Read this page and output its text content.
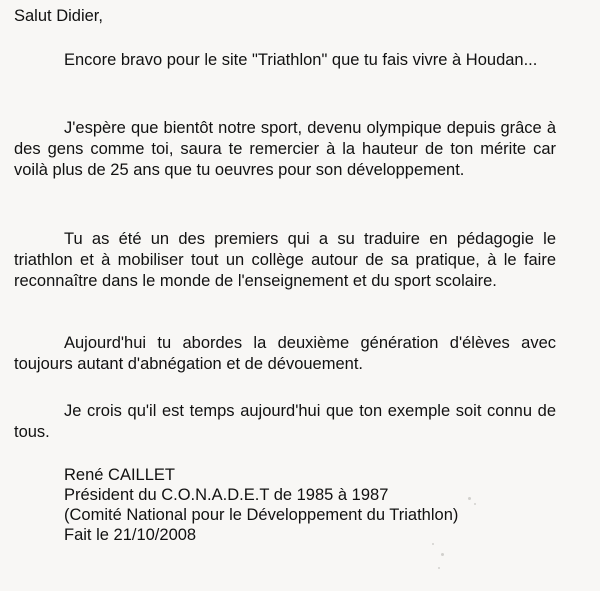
Salut Didier,

Encore bravo pour le site "Triathlon" que tu fais vivre à Houdan...

J'espère que bientôt notre sport, devenu olympique depuis grâce à des gens comme toi, saura te remercier à la hauteur de ton mérite car voilà plus de 25 ans que tu oeuvres pour son développement.

Tu as été un des premiers qui a su traduire en pédagogie le triathlon et à mobiliser tout un collège autour de sa pratique, à le faire reconnaître dans le monde de l'enseignement et du sport scolaire.

Aujourd'hui tu abordes la deuxième génération d'élèves avec toujours autant d'abnégation et de dévouement.

Je crois qu'il est temps aujourd'hui que ton exemple soit connu de tous.

René CAILLET
Président du C.O.N.A.D.E.T de 1985 à 1987
(Comité National pour le Développement du Triathlon)
Fait le 21/10/2008
